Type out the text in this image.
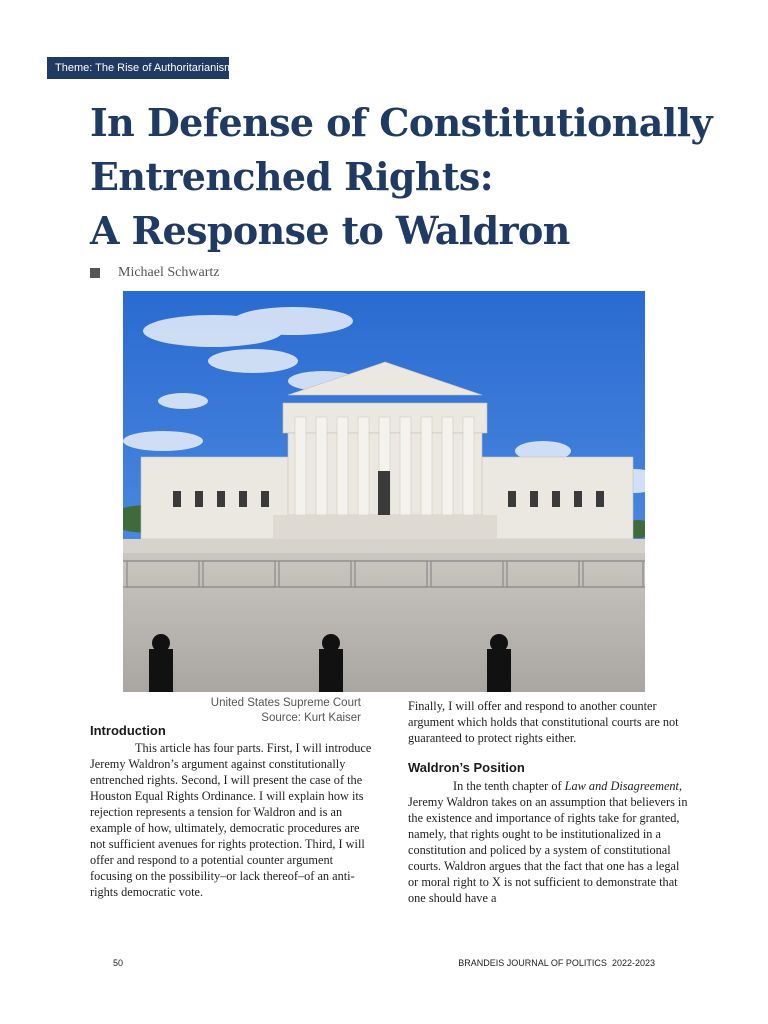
Theme: The Rise of Authoritarianism
In Defense of Constitutionally
Entrenched Rights:
A Response to Waldron
Michael Schwartz
United States Supreme Court
Source: Kurt Kaiser
Introduction

This article has four parts. First, I will introduce Jeremy Waldron’s argument against constitutionally entrenched rights. Second, I will present the case of the Houston Equal Rights Ordinance. I will explain how its rejection represents a tension for Waldron and is an example of how, ultimately, democratic procedures are not sufficient avenues for rights protection. Third, I will offer and respond to a potential counter argument focusing on the possibility–or lack thereof–of an anti-rights democratic vote.

Finally, I will offer and respond to another counter argument which holds that constitutional courts are not guaranteed to protect rights either.

Waldron’s Position

In the tenth chapter of Law and Disagreement, Jeremy Waldron takes on an assumption that believers in the existence and importance of rights take for granted, namely, that rights ought to be institutionalized in a constitution and policed by a system of constitutional courts. Waldron argues that the fact that one has a legal or moral right to X is not sufficient to demonstrate that one should have a

50	BRANDEIS JOURNAL OF POLITICS 2022-2023
